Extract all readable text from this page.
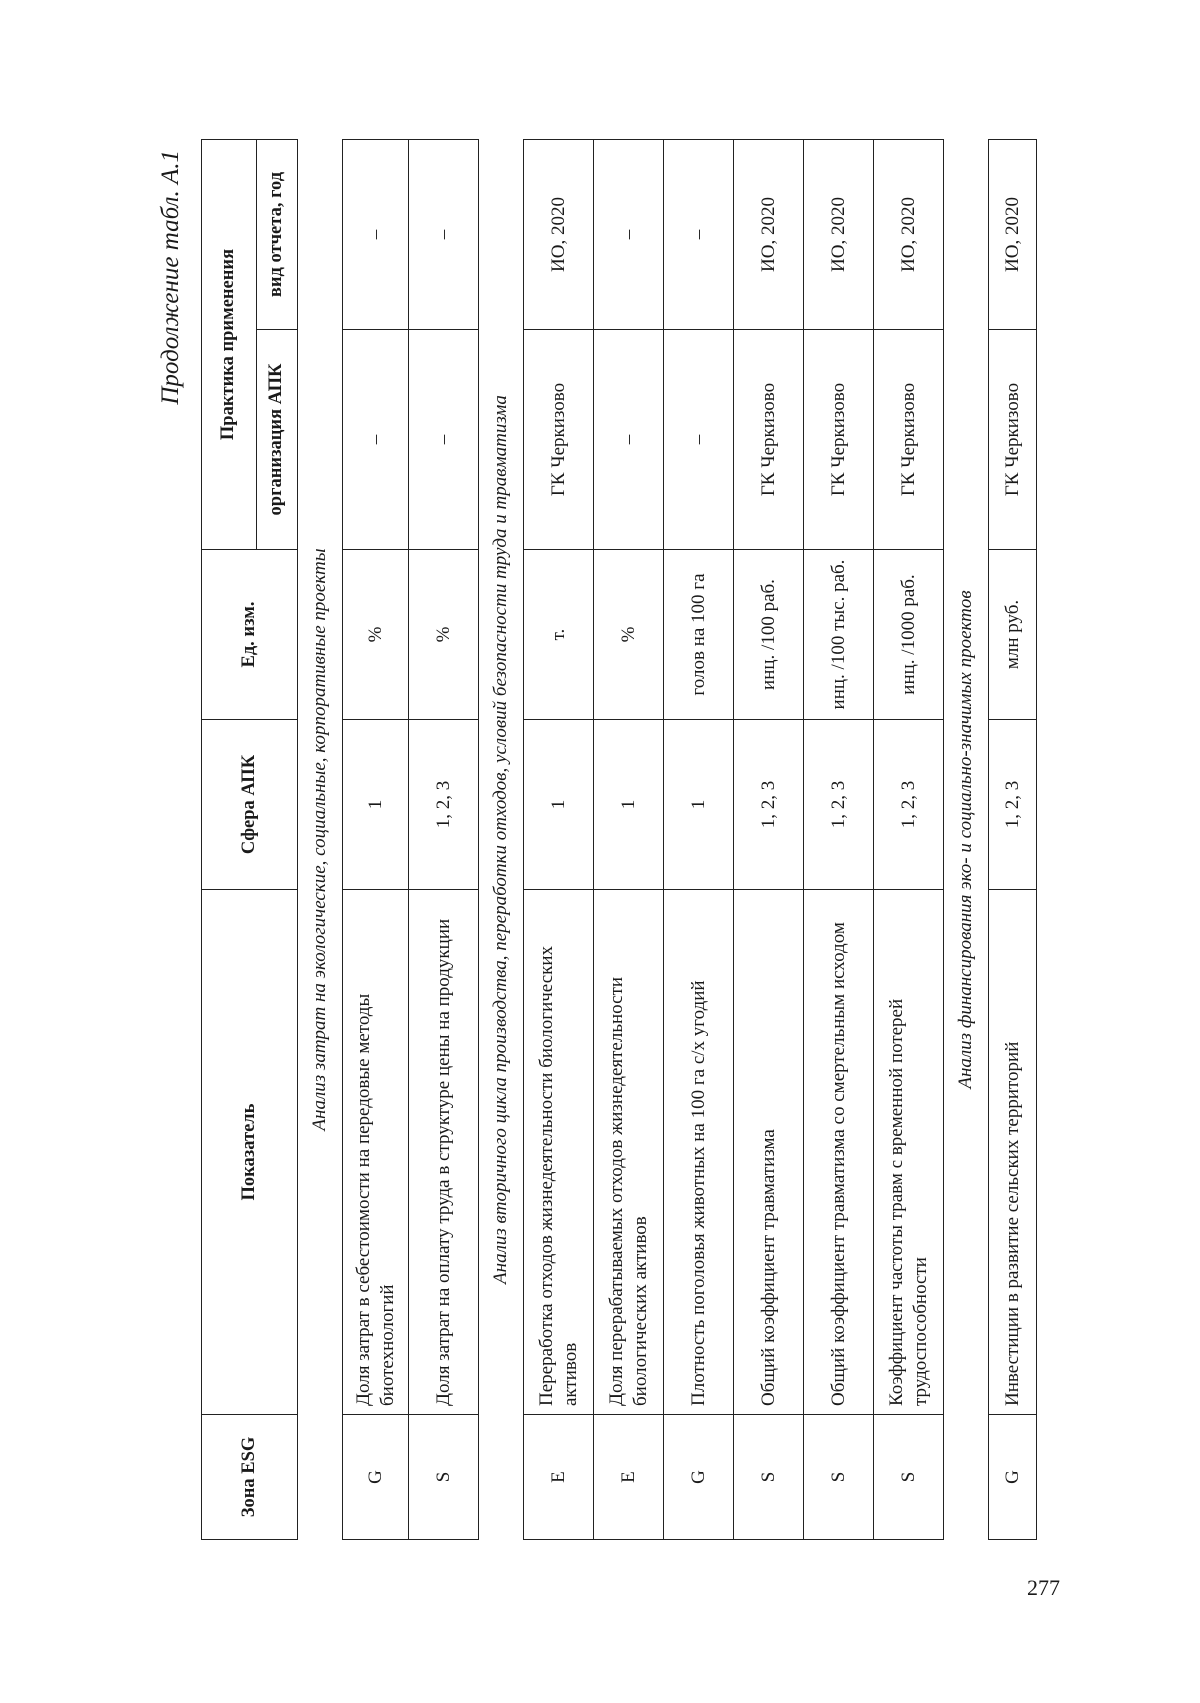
Продолжение табл. А.1
Зона ESG	Показатель	Сфера АПК	Ед. изм.	Практика применения	
				организация АПК	вид отчета, год
Анализ затрат на экологические, социальные, корпоративные проекты					
G	Доля затрат в себестоимости на передовые методы биотехнологий	1	%	–	–
S	Доля затрат на оплату труда в структуре цены на продукции	1, 2, 3	%	–	–
Анализ вторичного цикла производства, переработки отходов, условий безопасности труда и травматизма					
E	Переработка отходов жизнедеятельности биологических активов	1	т.	ГК Черкизово	ИО, 2020
E	Доля перерабатываемых отходов жизнедеятельности биологических активов	1	%	–	–
G	Плотность поголовья животных на 100 га с/х угодий	1	голов на 100 га	–	–
S	Общий коэффициент травматизма	1, 2, 3	инц. /100 раб.	ГК Черкизово	ИО, 2020
S	Общий коэффициент травматизма со смертельным исходом	1, 2, 3	инц. /100 тыс. раб.	ГК Черкизово	ИО, 2020
S	Коэффициент частоты травм с временной потерей трудоспособности	1, 2, 3	инц. /1000 раб.	ГК Черкизово	ИО, 2020
Анализ финансирования эко- и социально-значимых проектов					
G	Инвестиции в развитие сельских территорий	1, 2, 3	млн руб.	ГК Черкизово	ИО, 2020
277
